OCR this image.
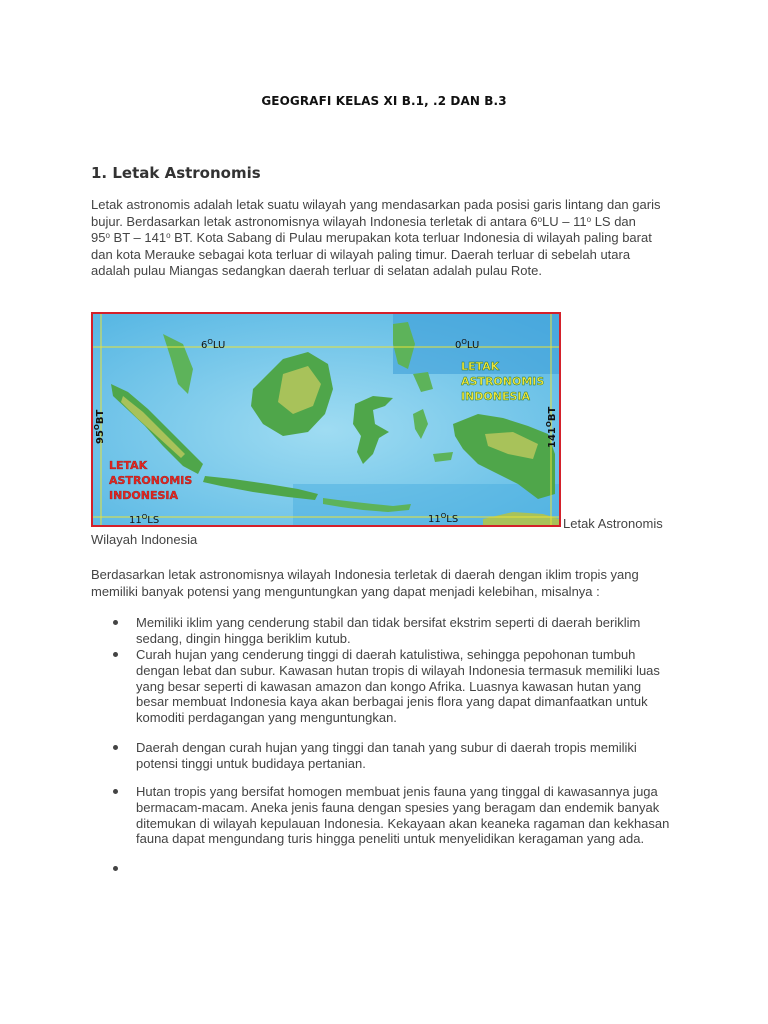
GEOGRAFI KELAS XI B.1, .2 DAN B.3
1. Letak Astronomis
Letak astronomis adalah letak suatu wilayah yang mendasarkan pada posisi garis lintang dan garis
bujur. Berdasarkan letak astronomisnya wilayah Indonesia terletak di antara 6$^o$LU – 11$^o$ LS dan
95$^o$ BT – 141$^o$ BT. Kota Sabang di Pulau merupakan kota terluar Indonesia di wilayah paling barat
dan kota Merauke sebagai kota terluar di wilayah paling timur. Daerah terluar di sebelah utara
adalah pulau Miangas sedangkan daerah terluar di selatan adalah pulau Rote.
$6^OLU$	$0^OLU$
$11^OLS$	$11^OLS$
$95^OBT$
$141^OBT$
LETAK
ASTRONOMIS
INDONESIA
LETAK
ASTRONOMIS
INDONESIA
Letak Astronomis
Wilayah Indonesia
Berdasarkan letak astronomisnya wilayah Indonesia terletak di daerah dengan iklim tropis yang
memiliki banyak potensi yang menguntungkan yang dapat menjadi kelebihan, misalnya :
Memiliki iklim yang cenderung stabil dan tidak bersifat ekstrim seperti di daerah beriklim
sedang, dingin hingga beriklim kutub.
Curah hujan yang cenderung tinggi di daerah katulistiwa, sehingga pepohonan tumbuh
dengan lebat dan subur. Kawasan hutan tropis di wilayah Indonesia termasuk memiliki luas
yang besar seperti di kawasan amazon dan kongo Afrika. Luasnya kawasan hutan yang
besar membuat Indonesia kaya akan berbagai jenis flora yang dapat dimanfaatkan untuk
komoditi perdagangan yang menguntungkan.
Daerah dengan curah hujan yang tinggi dan tanah yang subur di daerah tropis memiliki
potensi tinggi untuk budidaya pertanian.
Hutan tropis yang bersifat homogen membuat jenis fauna yang tinggal di kawasannya juga
bermacam-macam. Aneka jenis fauna dengan spesies yang beragam dan endemik banyak
ditemukan di wilayah kepulauan Indonesia. Kekayaan akan keaneka ragaman dan kekhasan
fauna dapat mengundang turis hingga peneliti untuk menyelidikan keragaman yang ada.
